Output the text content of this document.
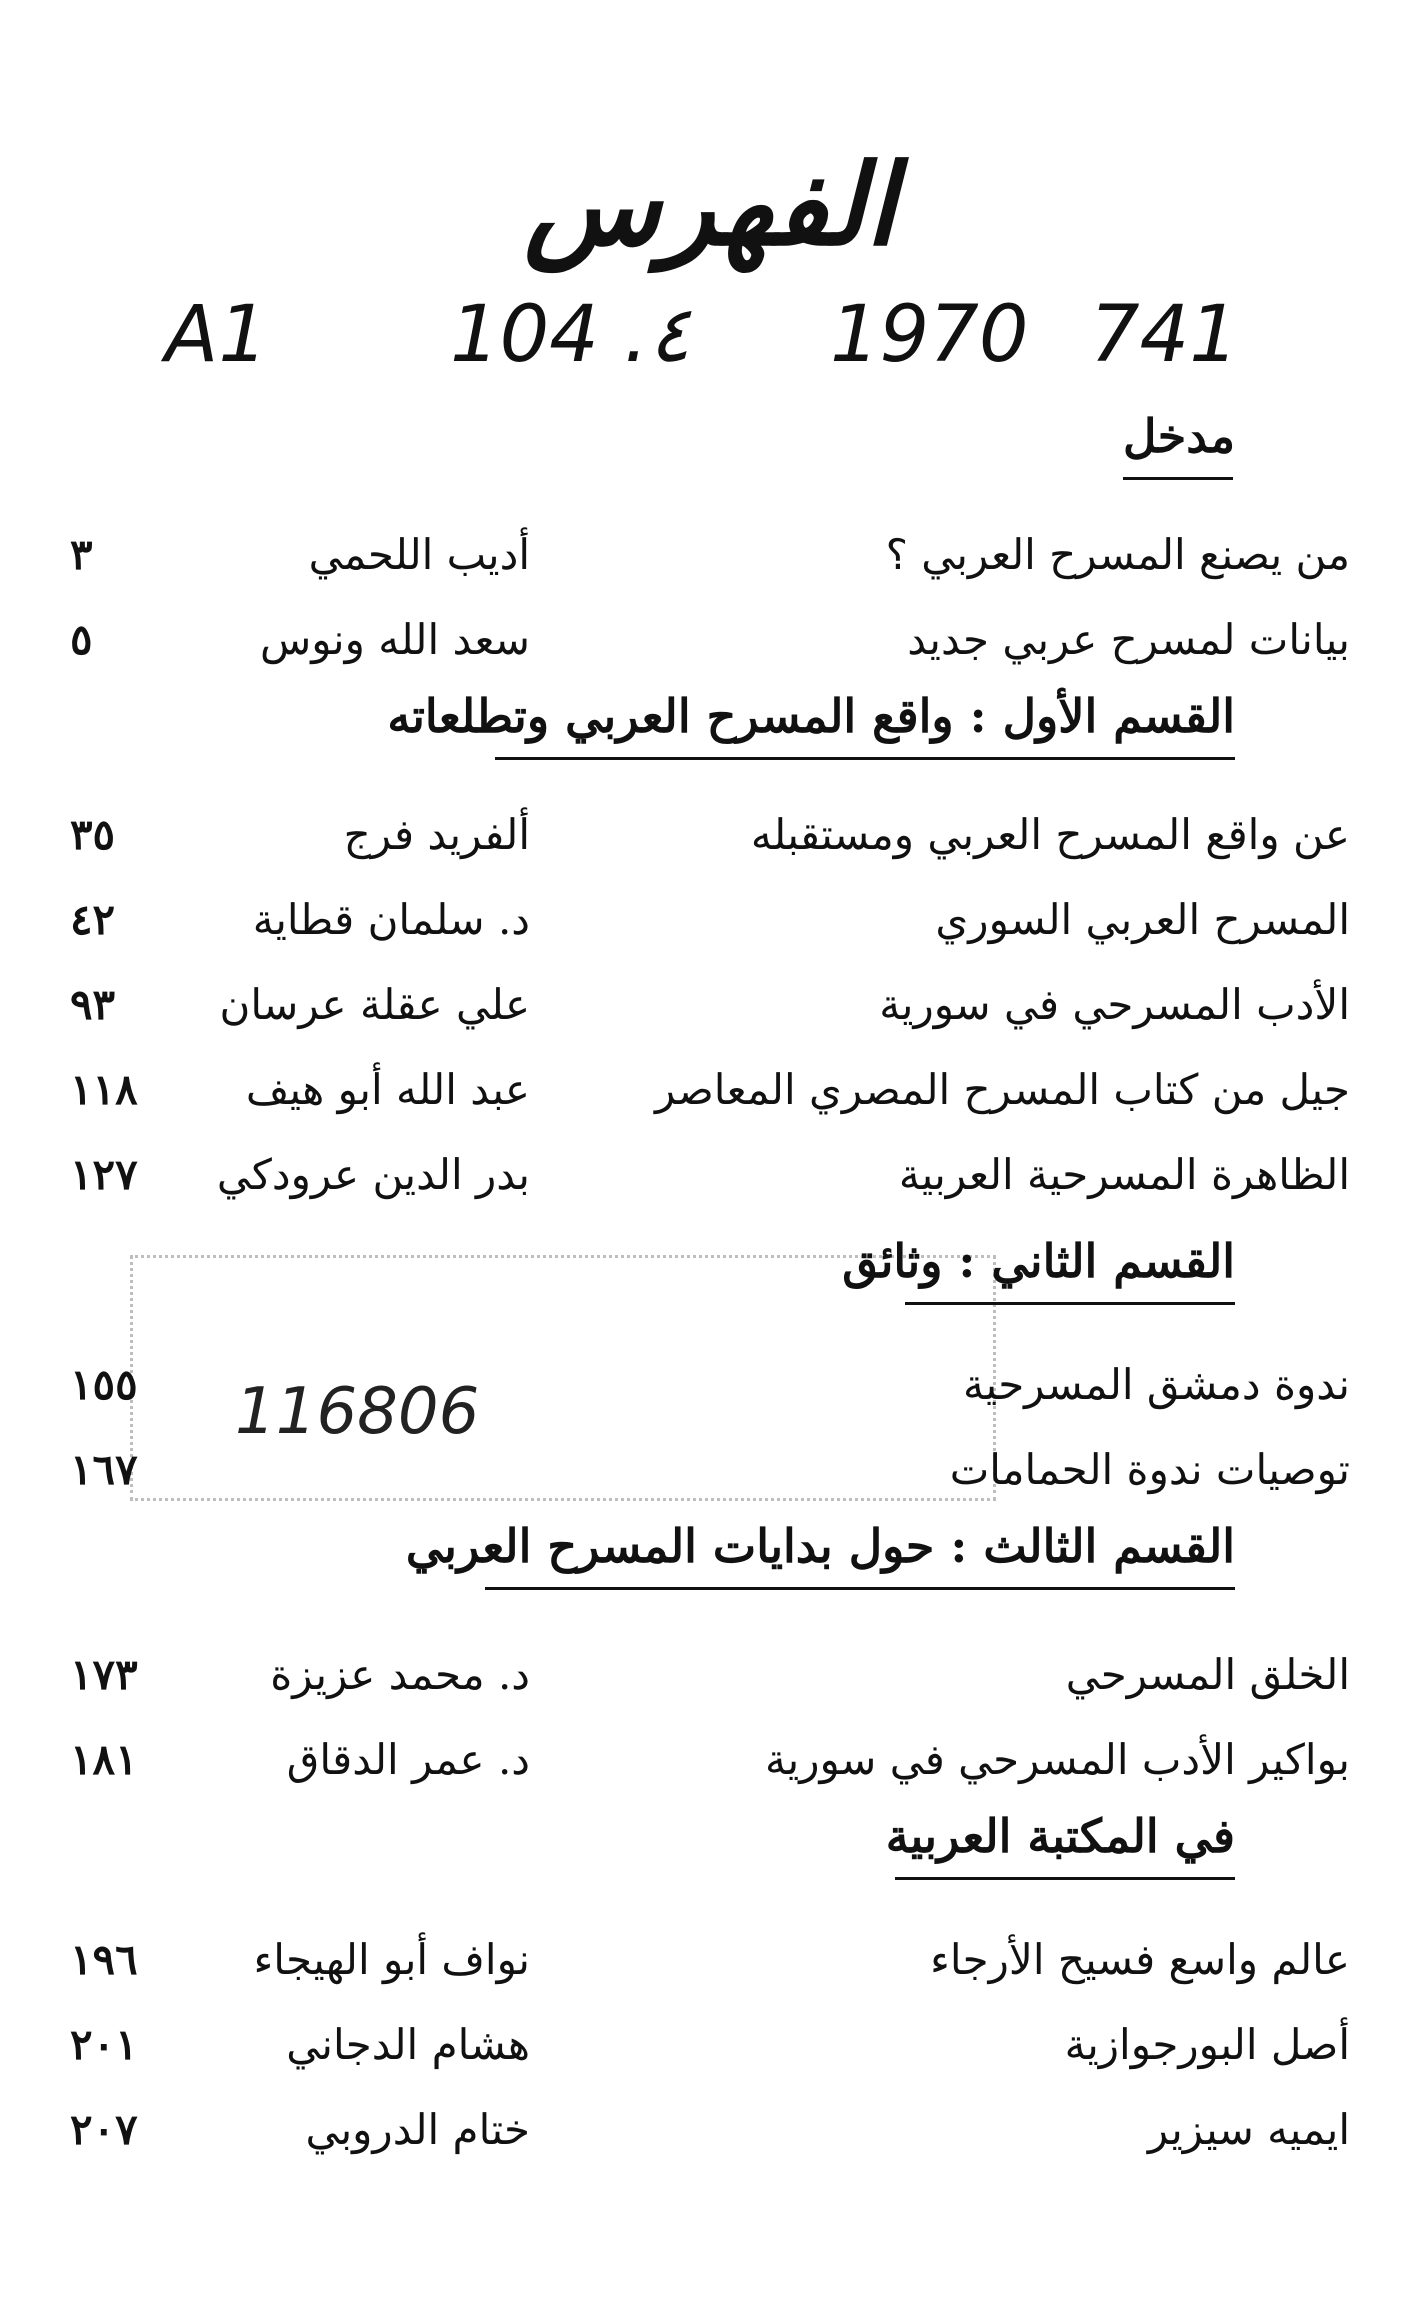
الفهرس
A1 104 .٤ 1970 741
مدخل
من يصنع المسرح العربي ؟
أديب اللحمي
٣
بيانات لمسرح عربي جديد
سعد الله ونوس
٥
القسم الأول : واقع المسرح العربي وتطلعاته
عن واقع المسرح العربي ومستقبله
ألفريد فرج
٣٥
المسرح العربي السوري
د. سلمان قطاية
٤٢
الأدب المسرحي في سورية
علي عقلة عرسان
٩٣
جيل من كتاب المسرح المصري المعاصر
عبد الله أبو هيف
١١٨
الظاهرة المسرحية العربية
بدر الدين عرودكي
١٢٧
116806
القسم الثاني : وثائق
ندوة دمشق المسرحية
١٥٥
توصيات ندوة الحمامات
١٦٧
القسم الثالث : حول بدايات المسرح العربي
الخلق المسرحي
د. محمد عزيزة
١٧٣
بواكير الأدب المسرحي في سورية
د. عمر الدقاق
١٨١
في المكتبة العربية
عالم واسع فسيح الأرجاء
نواف أبو الهيجاء
١٩٦
أصل البورجوازية
هشام الدجاني
٢٠١
ايميه سيزير
ختام الدروبي
٢٠٧
